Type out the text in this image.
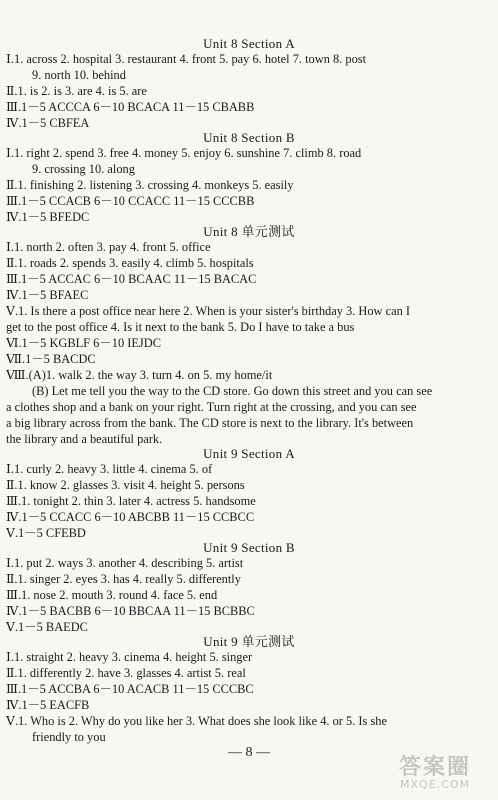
Unit 8 Section A
Ⅰ.1. across 2. hospital 3. restaurant 4. front 5. pay 6. hotel 7. town 8. post
9. north 10. behind
Ⅱ.1. is 2. is 3. are 4. is 5. are
Ⅲ.1－5 ACCCA 6－10 BCACA 11－15 CBABB
Ⅳ.1－5 CBFEA
Unit 8 Section B
Ⅰ.1. right 2. spend 3. free 4. money 5. enjoy 6. sunshine 7. climb 8. road
9. crossing 10. along
Ⅱ.1. finishing 2. listening 3. crossing 4. monkeys 5. easily
Ⅲ.1－5 CCACB 6－10 CCACC 11－15 CCCBB
Ⅳ.1－5 BFEDC
Unit 8 单元测试
Ⅰ.1. north 2. often 3. pay 4. front 5. office
Ⅱ.1. roads 2. spends 3. easily 4. climb 5. hospitals
Ⅲ.1－5 ACCAC 6－10 BCAAC 11－15 BACAC
Ⅳ.1－5 BFAEC
Ⅴ.1. Is there a post office near here 2. When is your sister's birthday 3. How can I
get to the post office 4. Is it next to the bank 5. Do I have to take a bus
Ⅵ.1－5 KGBLF 6－10 IEJDC
Ⅶ.1－5 BACDC
Ⅷ.(A)1. walk 2. the way 3. turn 4. on 5. my home/it
(B) Let me tell you the way to the CD store. Go down this street and you can see
a clothes shop and a bank on your right. Turn right at the crossing, and you can see
a big library across from the bank. The CD store is next to the library. It's between
the library and a beautiful park.
Unit 9 Section A
Ⅰ.1. curly 2. heavy 3. little 4. cinema 5. of
Ⅱ.1. know 2. glasses 3. visit 4. height 5. persons
Ⅲ.1. tonight 2. thin 3. later 4. actress 5. handsome
Ⅳ.1－5 CCACC 6－10 ABCBB 11－15 CCBCC
Ⅴ.1－5 CFEBD
Unit 9 Section B
Ⅰ.1. put 2. ways 3. another 4. describing 5. artist
Ⅱ.1. singer 2. eyes 3. has 4. really 5. differently
Ⅲ.1. nose 2. mouth 3. round 4. face 5. end
Ⅳ.1－5 BACBB 6－10 BBCAA 11－15 BCBBC
Ⅴ.1－5 BAEDC
Unit 9 单元测试
Ⅰ.1. straight 2. heavy 3. cinema 4. height 5. singer
Ⅱ.1. differently 2. have 3. glasses 4. artist 5. real
Ⅲ.1－5 ACCBA 6－10 ACACB 11－15 CCCBC
Ⅳ.1－5 EACFB
Ⅴ.1. Who is 2. Why do you like her 3. What does she look like 4. or 5. Is she
friendly to you
— 8 —
答案圈
MXQE.COM
